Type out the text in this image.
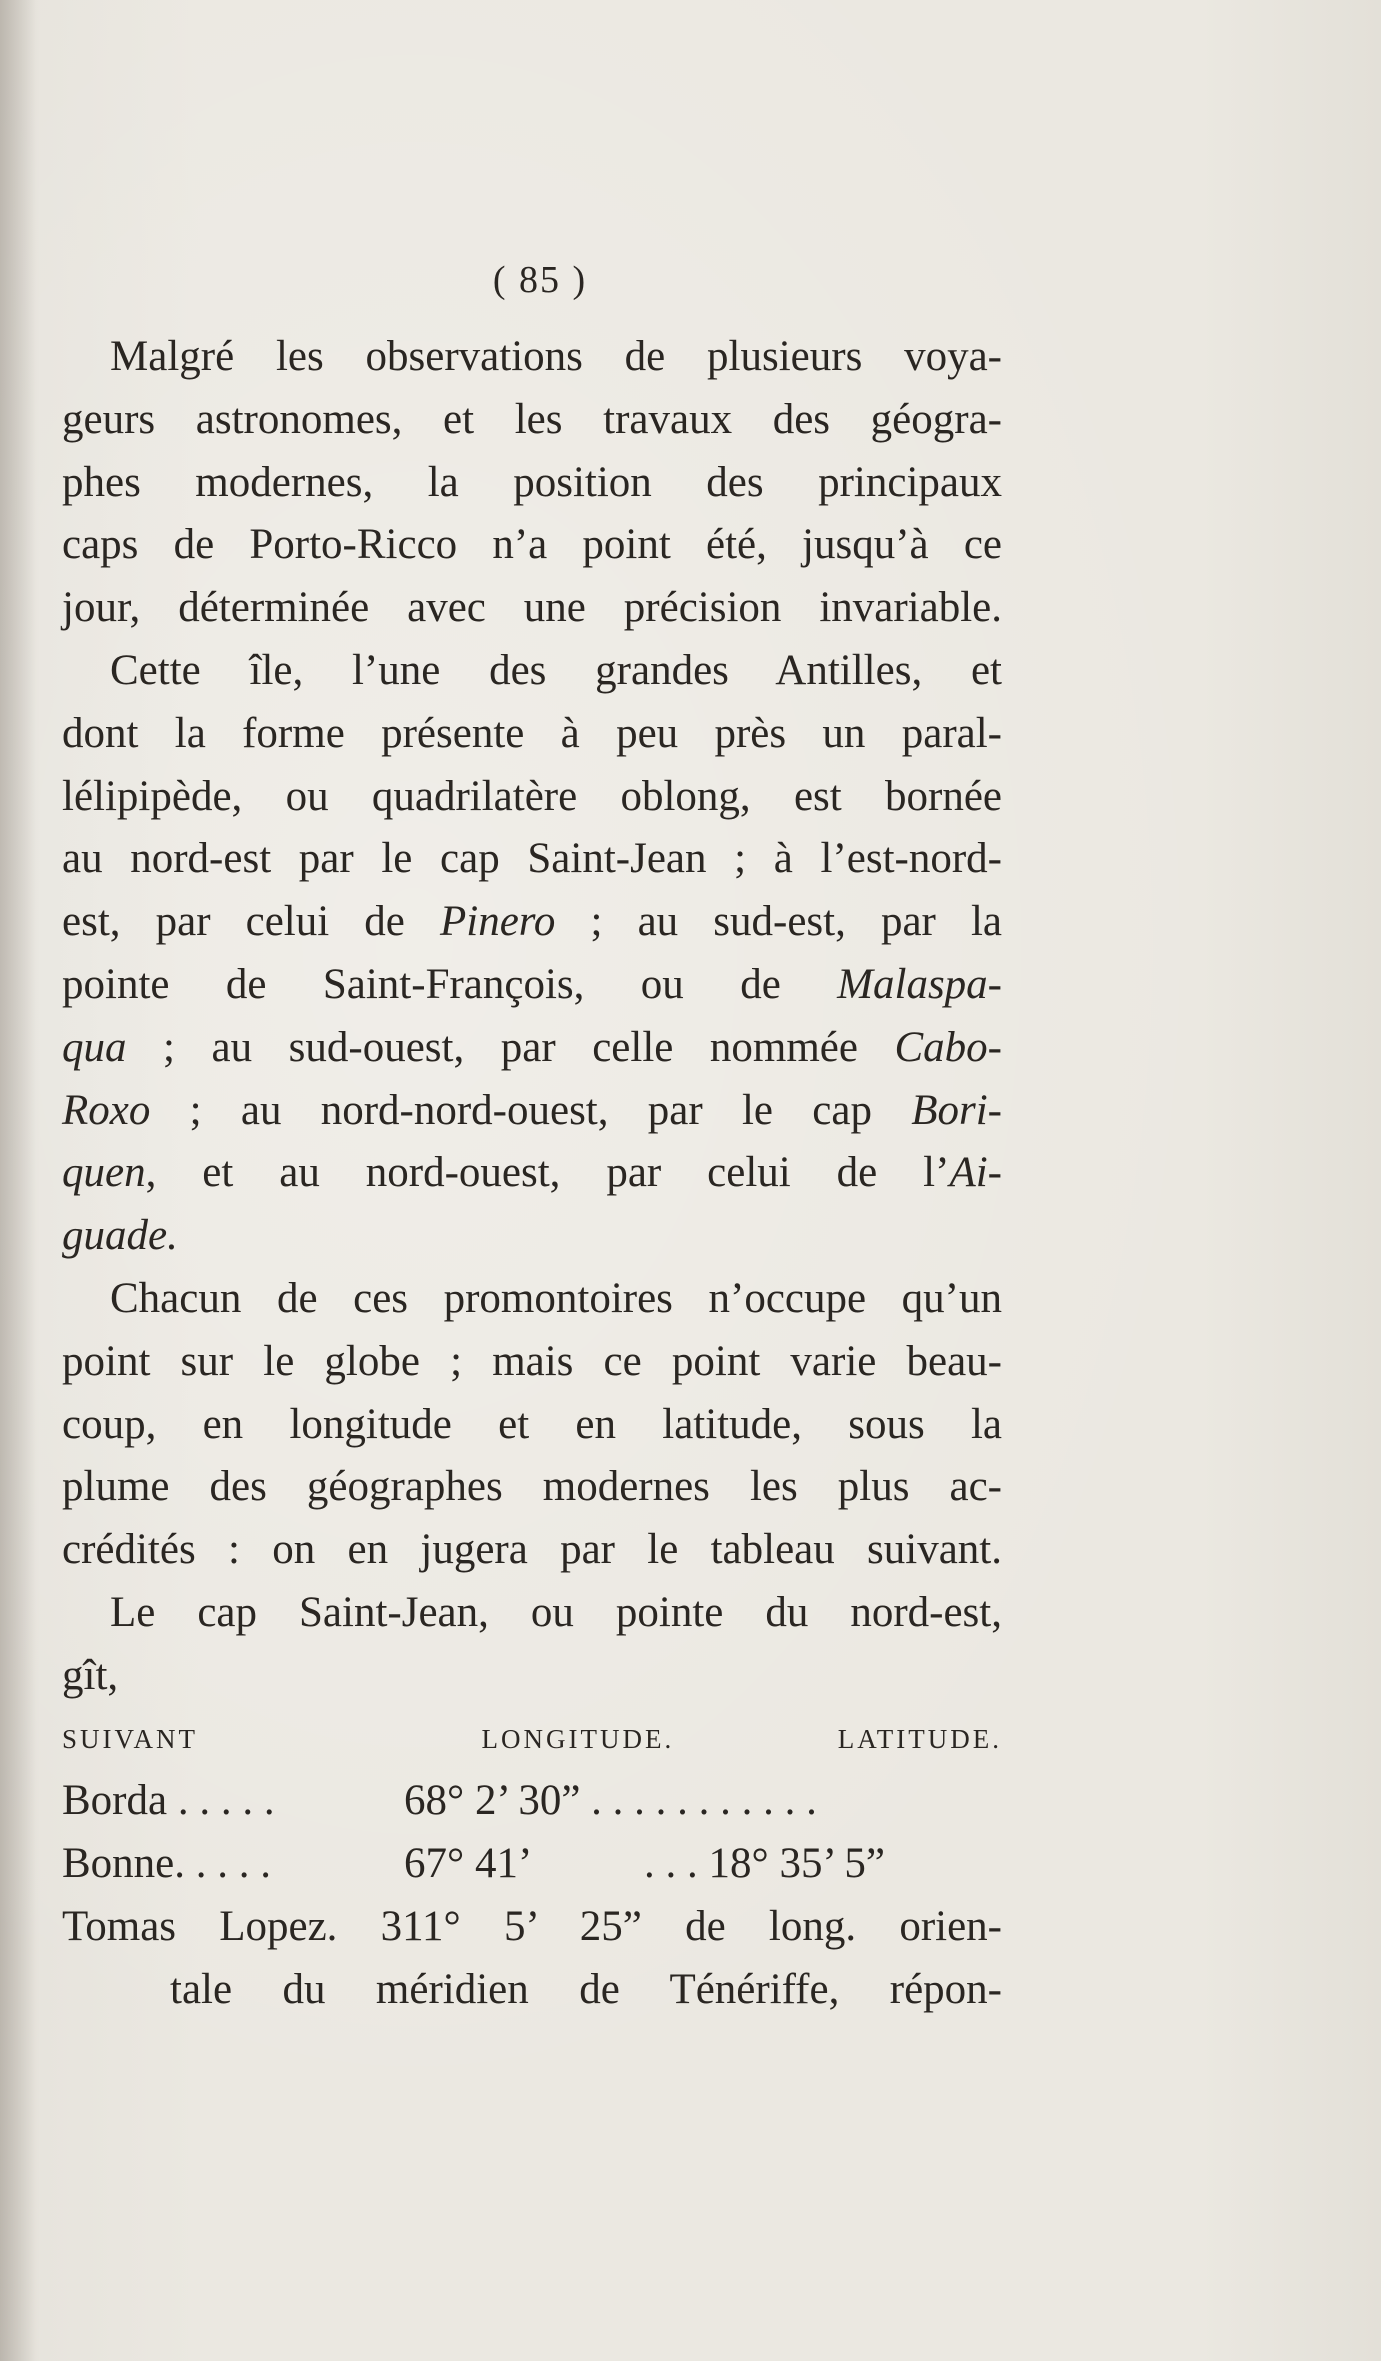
( 85 )
Malgré les observations de plusieurs voya-
geurs astronomes, et les travaux des géogra-
phes modernes, la position des principaux
caps de Porto-Ricco n’a point été, jusqu’à ce
jour, déterminée avec une précision invariable.
Cette île, l’une des grandes Antilles, et
dont la forme présente à peu près un paral-
lélipipède, ou quadrilatère oblong, est bornée
au nord-est par le cap Saint-Jean ; à l’est-nord-
est, par celui de Pinero ; au sud-est, par la
pointe de Saint-François, ou de Malaspa-
qua ; au sud-ouest, par celle nommée Cabo-
Roxo ; au nord-nord-ouest, par le cap Bori-
quen, et au nord-ouest, par celui de l’Ai-
guade.
Chacun de ces promontoires n’occupe qu’un
point sur le globe ; mais ce point varie beau-
coup, en longitude et en latitude, sous la
plume des géographes modernes les plus ac-
crédités : on en jugera par le tableau suivant.
Le cap Saint-Jean, ou pointe du nord-est,
gît,
SUIVANT	LONGITUDE.	LATITUDE.
Borda . . . . .	68° 2’ 30” . . . . . . . . . . .
Bonne. . . . .	67° 41’	. . . 18° 35’ 5”
Tomas Lopez. 311° 5’ 25” de long. orien-
tale du méridien de Ténériffe, répon-
